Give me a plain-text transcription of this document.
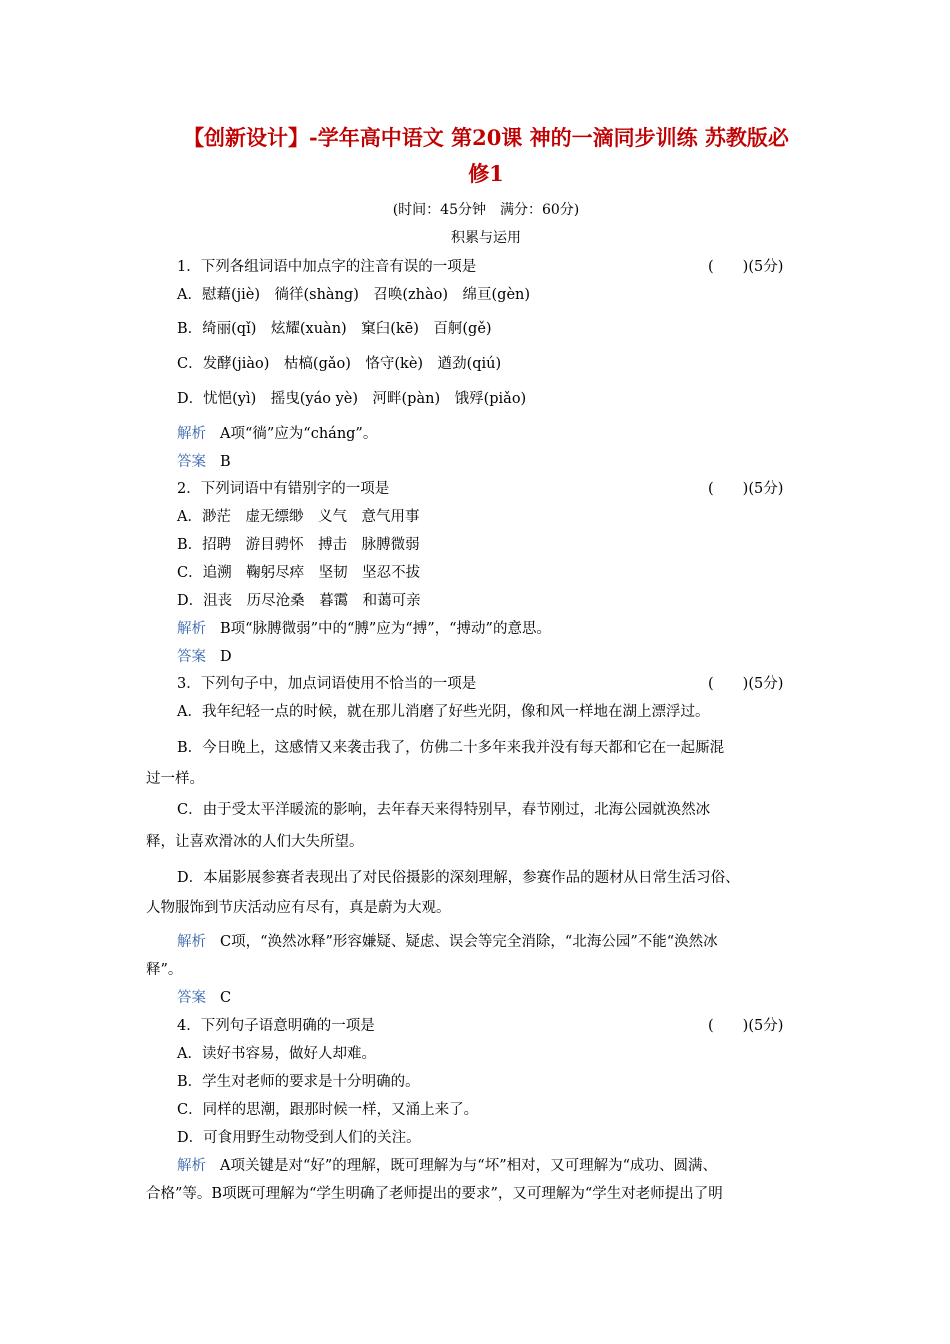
【创新设计】-学年高中语文 第20课 神的一滴同步训练 苏教版必
修1
(时间：45分钟　满分：60分)
积累与运用
1．下列各组词语中加点字的注音有误的一项是	(　　)(5分)
A．慰藉(jiè)　徜徉(shàng)　召唤(zhào)　绵亘(gèn)
B．绮丽(qǐ)　炫耀(xuàn)　窠臼(kē)　百舸(gě)
C．发酵(jiào)　枯槁(gǎo)　恪守(kè)　遒劲(qiú)
D．忧悒(yì)　摇曳(yáo yè)　河畔(pàn)　饿殍(piǎo)
解析 A项“徜”应为“cháng”。
答案 B
2．下列词语中有错别字的一项是	(　　)(5分)
A．渺茫　虚无缥缈　义气　意气用事
B．招聘　游目骋怀　搏击　脉膊微弱
C．追溯　鞠躬尽瘁　坚韧　坚忍不拔
D．沮丧　历尽沧桑　暮霭　和蔼可亲
解析 B项“脉膊微弱”中的“膊”应为“搏”，“搏动”的意思。
答案 D
3．下列句子中，加点词语使用不恰当的一项是	(　　)(5分)
A．我年纪轻一点的时候，就在那儿消磨了好些光阴，像和风一样地在湖上漂浮过。
B．今日晚上，这感情又来袭击我了，仿佛二十多年来我并没有每天都和它在一起厮混
过一样。
C．由于受太平洋暖流的影响，去年春天来得特别早，春节刚过，北海公园就涣然冰
释，让喜欢滑冰的人们大失所望。
D．本届影展参赛者表现出了对民俗摄影的深刻理解，参赛作品的题材从日常生活习俗、
人物服饰到节庆活动应有尽有，真是蔚为大观。
解析 C项，“涣然冰释”形容嫌疑、疑虑、误会等完全消除，“北海公园”不能“涣然冰
释”。
答案 C
4．下列句子语意明确的一项是	(　　)(5分)
A．读好书容易，做好人却难。
B．学生对老师的要求是十分明确的。
C．同样的思潮，跟那时候一样，又涌上来了。
D．可食用野生动物受到人们的关注。
解析 A项关键是对“好”的理解，既可理解为与“坏”相对，又可理解为“成功、圆满、
合格”等。B项既可理解为“学生明确了老师提出的要求”，又可理解为“学生对老师提出了明
